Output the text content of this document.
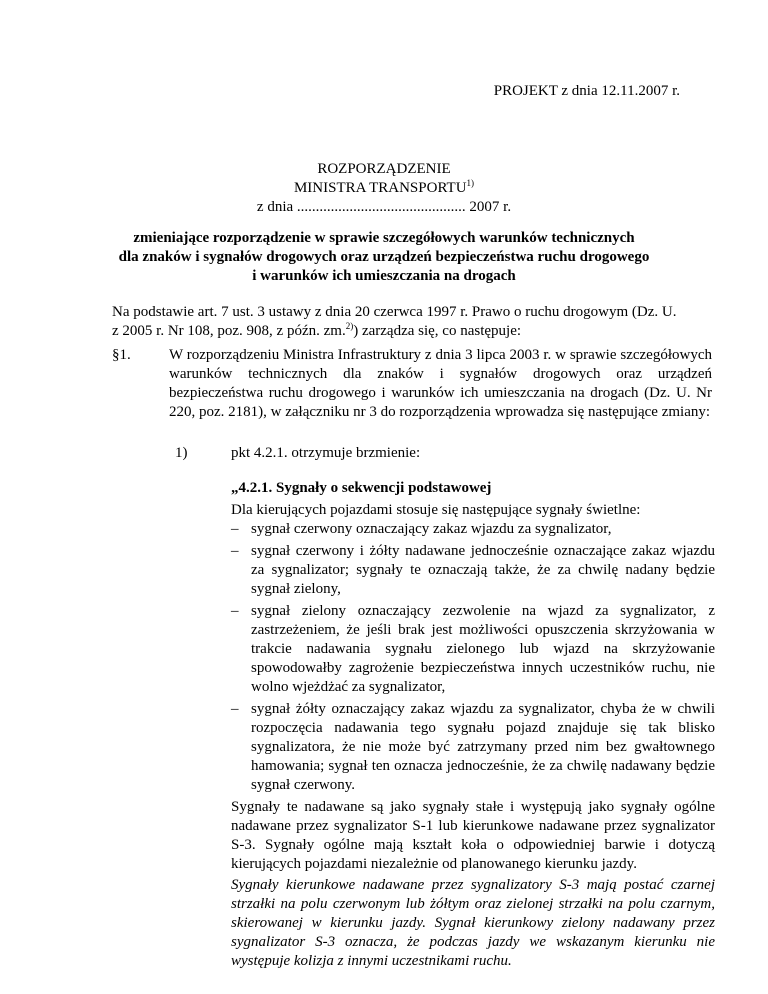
PROJEKT z dnia 12.11.2007 r.
ROZPORZĄDZENIE
MINISTRA TRANSPORTU$^{1)}$
z dnia ............................................. 2007 r.
zmieniające rozporządzenie w sprawie szczegółowych warunków technicznych
dla znaków i sygnałów drogowych oraz urządzeń bezpieczeństwa ruchu drogowego
i warunków ich umieszczania na drogach
Na podstawie art. 7 ust. 3 ustawy z dnia 20 czerwca 1997 r. Prawo o ruchu drogowym (Dz. U.
z 2005 r. Nr 108, poz. 908, z późn. zm.$^{2)}$) zarządza się, co następuje:
§1.	W rozporządzeniu Ministra Infrastruktury z dnia 3 lipca 2003 r. w sprawie szczegółowych warunków technicznych dla znaków i sygnałów drogowych oraz urządzeń bezpieczeństwa ruchu drogowego i warunków ich umieszczania na drogach (Dz. U. Nr 220, poz. 2181), w załączniku nr 3 do rozporządzenia wprowadza się następujące zmiany:
1)	pkt 4.2.1. otrzymuje brzmienie:
„4.2.1. Sygnały o sekwencji podstawowej

Dla kierujących pojazdami stosuje się następujące sygnały świetlne:

– sygnał czerwony oznaczający zakaz wjazdu za sygnalizator,
– sygnał czerwony i żółty nadawane jednocześnie oznaczające zakaz wjazdu za sygnalizator; sygnały te oznaczają także, że za chwilę nadany będzie sygnał zielony,
– sygnał zielony oznaczający zezwolenie na wjazd za sygnalizator, z zastrzeżeniem, że jeśli brak jest możliwości opuszczenia skrzyżowania w trakcie nadawania sygnału zielonego lub wjazd na skrzyżowanie spowodowałby zagrożenie bezpieczeństwa innych uczestników ruchu, nie wolno wjeżdżać za sygnalizator,
– sygnał żółty oznaczający zakaz wjazdu za sygnalizator, chyba że w chwili rozpoczęcia nadawania tego sygnału pojazd znajduje się tak blisko sygnalizatora, że nie może być zatrzymany przed nim bez gwałtownego hamowania; sygnał ten oznacza jednocześnie, że za chwilę nadawany będzie sygnał czerwony.

Sygnały te nadawane są jako sygnały stałe i występują jako sygnały ogólne nadawane przez sygnalizator S-1 lub kierunkowe nadawane przez sygnalizator S-3. Sygnały ogólne mają kształt koła o odpowiedniej barwie i dotyczą kierujących pojazdami niezależnie od planowanego kierunku jazdy.

Sygnały kierunkowe nadawane przez sygnalizatory S-3 mają postać czarnej strzałki na polu czerwonym lub żółtym oraz zielonej strzałki na polu czarnym, skierowanej w kierunku jazdy. Sygnał kierunkowy zielony nadawany przez sygnalizator S-3 oznacza, że podczas jazdy we wskazanym kierunku nie występuje kolizja z innymi uczestnikami ruchu.
